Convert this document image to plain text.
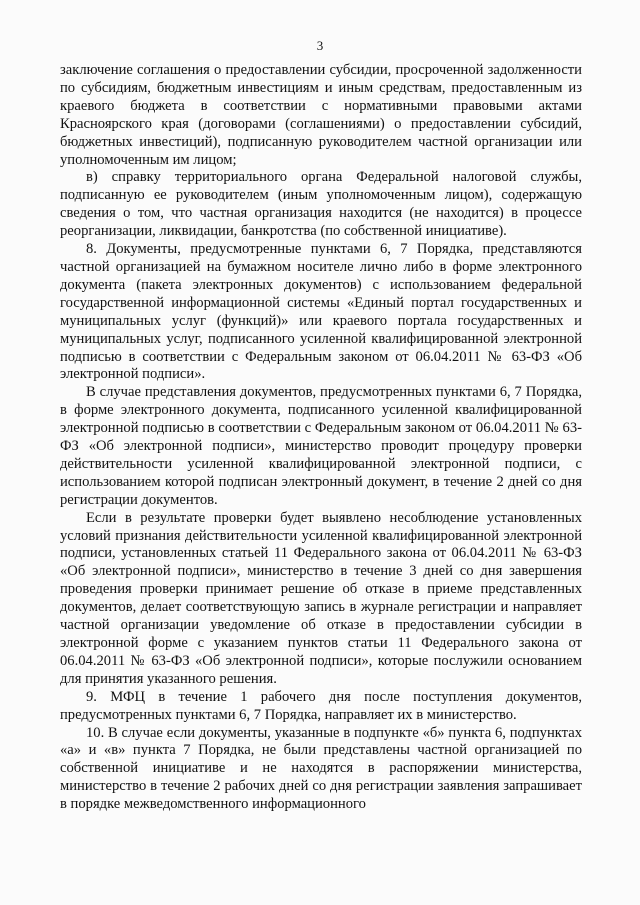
3

заключение соглашения о предоставлении субсидии, просроченной задолженности по субсидиям, бюджетным инвестициям и иным средствам, предоставленным из краевого бюджета в соответствии с нормативными правовыми актами Красноярского края (договорами (соглашениями) о предоставлении субсидий, бюджетных инвестиций), подписанную руководителем частной организации или уполномоченным им лицом;

в) справку территориального органа Федеральной налоговой службы, подписанную ее руководителем (иным уполномоченным лицом), содержащую сведения о том, что частная организация находится (не находится) в процессе реорганизации, ликвидации, банкротства (по собственной инициативе).

8. Документы, предусмотренные пунктами 6, 7 Порядка, представляются частной организацией на бумажном носителе лично либо в форме электронного документа (пакета электронных документов) с использованием федеральной государственной информационной системы «Единый портал государственных и муниципальных услуг (функций)» или краевого портала государственных и муниципальных услуг, подписанного усиленной квалифицированной электронной подписью в соответствии с Федеральным законом от 06.04.2011 № 63-ФЗ «Об электронной подписи».

В случае представления документов, предусмотренных пунктами 6, 7 Порядка, в форме электронного документа, подписанного усиленной квалифицированной электронной подписью в соответствии с Федеральным законом от 06.04.2011 № 63-ФЗ «Об электронной подписи», министерство проводит процедуру проверки действительности усиленной квалифицированной электронной подписи, с использованием которой подписан электронный документ, в течение 2 дней со дня регистрации документов.

Если в результате проверки будет выявлено несоблюдение установленных условий признания действительности усиленной квалифицированной электронной подписи, установленных статьей 11 Федерального закона от 06.04.2011 № 63-ФЗ «Об электронной подписи», министерство в течение 3 дней со дня завершения проведения проверки принимает решение об отказе в приеме представленных документов, делает соответствующую запись в журнале регистрации и направляет частной организации уведомление об отказе в предоставлении субсидии в электронной форме с указанием пунктов статьи 11 Федерального закона от 06.04.2011 № 63-ФЗ «Об электронной подписи», которые послужили основанием для принятия указанного решения.

9. МФЦ в течение 1 рабочего дня после поступления документов, предусмотренных пунктами 6, 7 Порядка, направляет их в министерство.

10. В случае если документы, указанные в подпункте «б» пункта 6, подпунктах «а» и «в» пункта 7 Порядка, не были представлены частной организацией по собственной инициативе и не находятся в распоряжении министерства, министерство в течение 2 рабочих дней со дня регистрации заявления запрашивает в порядке межведомственного информационного
